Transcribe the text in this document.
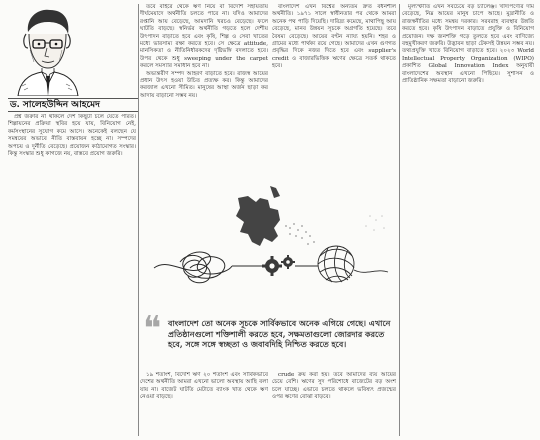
ড. সালেহউদ্দিন আহমেদ

প্রশ্ন জরুরি না থাকলে দেশ কিছুটা চলে যেতে পারত। শিল্পায়নের প্রক্রিয়া স্থবির হয়ে যায়, বিনিয়োগ নেই, কর্মসংস্থানের সুযোগ কমে আসে। অনেকেই বলছেন যে সমন্বয়ের অভাবে নীতি বাস্তবায়ন হচ্ছে না। সম্পদের অপচয় ও দুর্নীতি বেড়েছে। প্রয়োজন কাঠামোগত সংস্কার। কিন্তু সংস্কার শুধু কাগজে নয়, বাস্তবে প্রয়োগ জরুরি।

তবে বাইরে থেকে ঋণ নিয়ে বা বিদেশি সহায়তায় দীর্ঘমেয়াদে অর্থনীতি চলতে পারে না। যদিও আমাদের রপ্তানি আয় বেড়েছে, আমদানি খরচও বেড়েছে। ফলে ঘাটতি বাড়ছে। স্বনির্ভর অর্থনীতি গড়তে হলে দেশীয় উৎপাদন বাড়াতে হবে এবং কৃষি, শিল্প ও সেবা খাতের মধ্যে ভারসাম্য রক্ষা করতে হবে। সে ক্ষেত্রে attitude, মানসিকতা ও নীতিনির্ধারকদের দৃষ্টিভঙ্গি বদলাতে হবে। উপর থেকে শুধু sweeping under the carpet করলে সমস্যার সমাধান হবে না।

অভ্যন্তরীণ সম্পদ আহরণ বাড়াতে হবে। রাজস্ব আয়ের প্রধান উৎস হওয়া উচিত প্রত্যক্ষ কর। কিন্তু আমাদের করজাল এখনো সীমিত। মানুষের আস্থা অর্জন ছাড়া কর আদায় বাড়ানো সম্ভব নয়।

বাংলাদেশ এখন বিশ্বের অন্যতম দ্রুত বর্ধনশীল অর্থনীতি। ১৯৭১ সালে স্বাধীনতার পর থেকে আমরা অনেক পথ পাড়ি দিয়েছি। দারিদ্র্য কমেছে, মাথাপিছু আয় বেড়েছে, মানব উন্নয়ন সূচকে অগ্রগতি হয়েছে। তবে বৈষম্য বেড়েছে। আয়ের বণ্টন ন্যায্য হয়নি। শহর ও গ্রামের মধ্যে পার্থক্য রয়ে গেছে। আমাদের এখন গুণগত প্রবৃদ্ধির দিকে নজর দিতে হবে এবং supplier's credit ও বাজারভিত্তিক ঋণের ক্ষেত্রে সতর্ক থাকতে হবে।

মূল্যস্ফীতি এখন সবচেয়ে বড় চ্যালেঞ্জ। খাদ্যপণ্যের দাম বেড়েছে, নিম্ন আয়ের মানুষ চাপে আছে। মুদ্রানীতি ও রাজস্বনীতির মধ্যে সমন্বয় দরকার। সরবরাহ ব্যবস্থার উন্নতি করতে হবে। কৃষি উৎপাদন বাড়াতে প্রযুক্তি ও বিনিয়োগ প্রয়োজন। দক্ষ জনশক্তি গড়ে তুলতে হবে এবং বাণিজ্যে বহুমুখীকরণ জরুরি। উদ্ভাবন ছাড়া টেকসই উন্নয়ন সম্ভব নয়। তথ্যপ্রযুক্তি খাতে বিনিয়োগ বাড়াতে হবে। ২০২৩ World Intellectual Property Organization (WIPO) প্রকাশিত Global Innovation Index অনুযায়ী বাংলাদেশের অবস্থান এখনো পিছিয়ে। সুশাসন ও প্রাতিষ্ঠানিক সক্ষমতা বাড়ানো জরুরি।

❝ বাংলাদেশ তো অনেক সূচকে সার্বিকভাবে অনেক এগিয়ে গেছে। এখানে প্রতিষ্ঠানগুলো শক্তিশালী করতে হবে, সক্ষমতাগুলো জোরদার করতে হবে, সঙ্গে সঙ্গে স্বচ্ছতা ও জবাবদিহি নিশ্চিত করতে হবে।

১৯ শতাংশ, বিদেশি ঋণ ২০ শতাংশ এবং সার্বিকভাবে দেশের অর্থনীতি আমরা এখনো ভালো অবস্থায় আছি বলা যায় না। বাজেট ঘাটতি মেটাতে ব্যাংক খাত থেকে ঋণ নেওয়া বাড়ছে।

crude ক্রয় করা হয়। তবে আমাদের ব্যয় আয়ের চেয়ে বেশি। ঋণের সুদ পরিশোধে বাজেটের বড় অংশ চলে যাচ্ছে। এভাবে চলতে থাকলে ভবিষ্যৎ প্রজন্মের ওপর ঋণের বোঝা বাড়বে।
